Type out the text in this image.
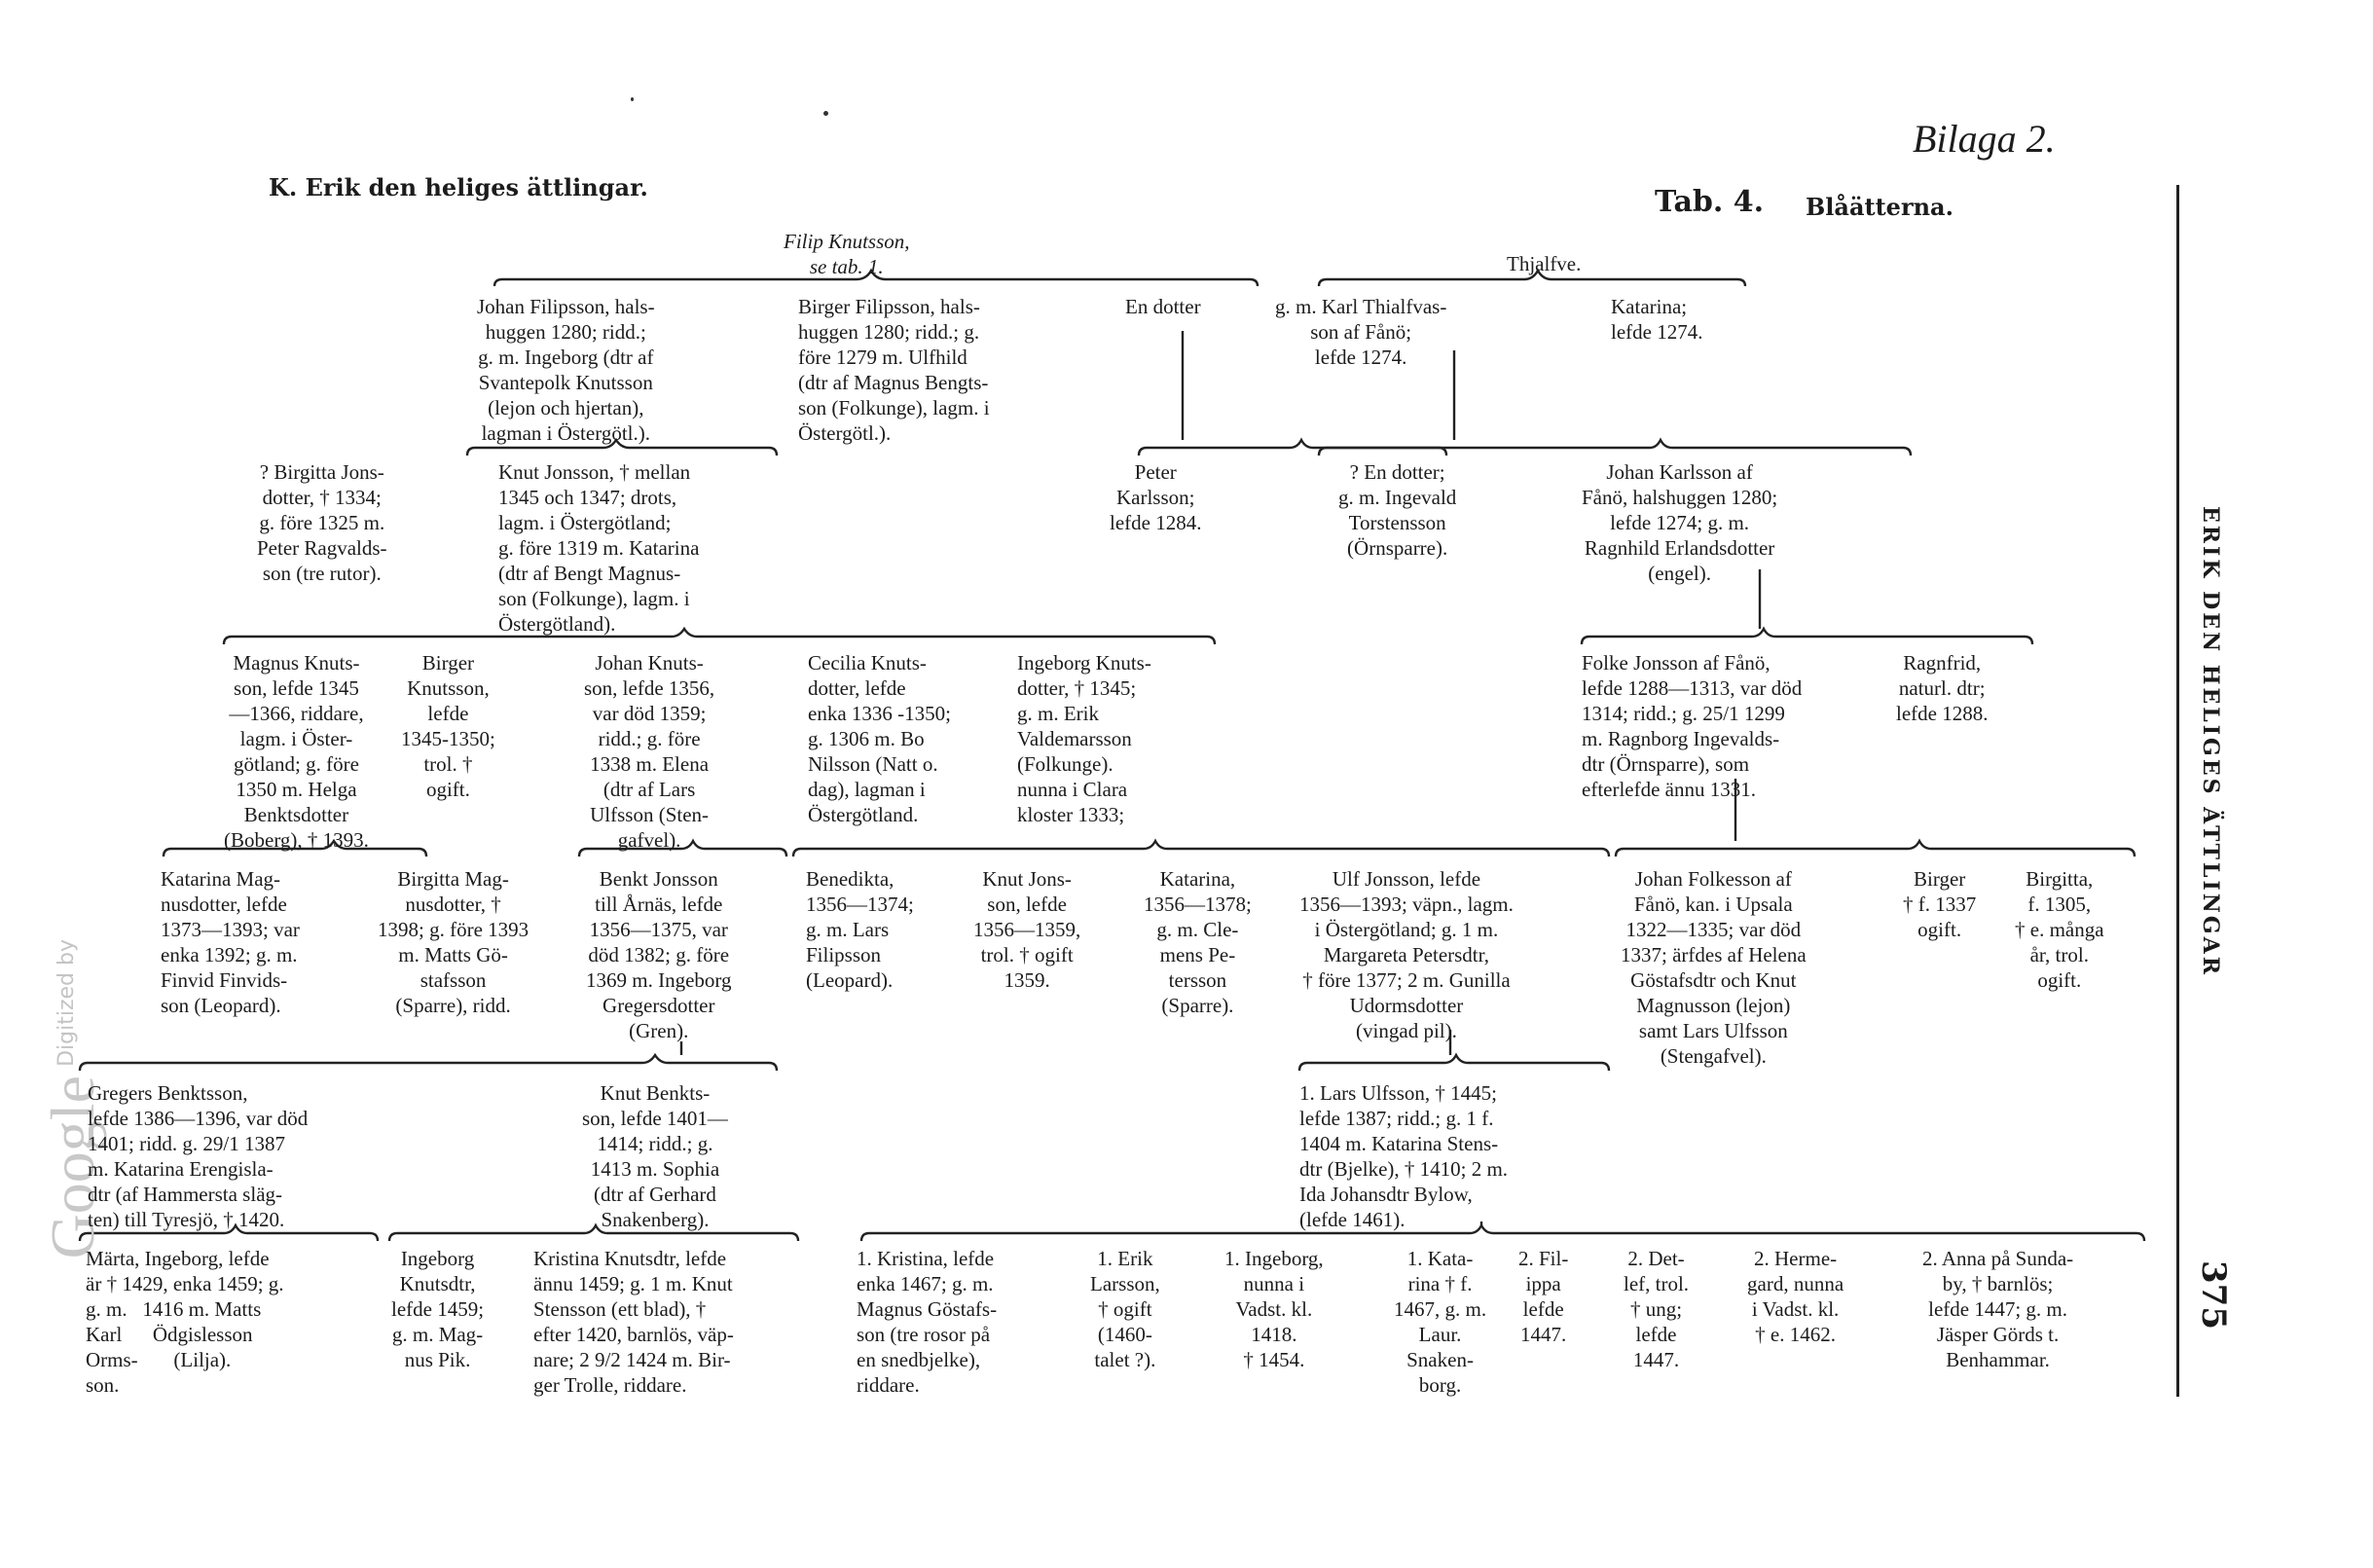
K. Erik den heliges ättlingar.
Bilaga 2.
Tab. 4. Blåätterna.
ERIK DEN HELIGES ÄTTLINGAR
375
Digitized by
Google
Filip Knutsson,
se tab. 1.	Thjalfve.
Johan Filipsson, hals-
huggen 1280; ridd.;
g. m. Ingeborg (dtr af
Svantepolk Knutsson
(lejon och hjertan),
lagman i Östergötl.).
Birger Filipsson, hals-
huggen 1280; ridd.; g.
före 1279 m. Ulfhild
(dtr af Magnus Bengts-
son (Folkunge), lagm. i
Östergötl.).
En dotter	g. m. Karl Thialfvas-
son af Fånö;
lefde 1274.
Katarina;
lefde 1274.
? Birgitta Jons-
dotter, † 1334;
g. före 1325 m.
Peter Ragvalds-
son (tre rutor).
Knut Jonsson, † mellan
1345 och 1347; drots,
lagm. i Östergötland;
g. före 1319 m. Katarina
(dtr af Bengt Magnus-
son (Folkunge), lagm. i
Östergötland).
Peter
Karlsson;
lefde 1284.
? En dotter;
g. m. Ingevald
Torstensson
(Örnsparre).
Johan Karlsson af
Fånö, halshuggen 1280;
lefde 1274; g. m.
Ragnhild Erlandsdotter
(engel).
Magnus Knuts-
son, lefde 1345
—1366, riddare,
lagm. i Öster-
götland; g. före
1350 m. Helga
Benktsdotter
(Boberg), † 1393.
Birger
Knutsson,
lefde
1345-1350;
trol. †
ogift.
Johan Knuts-
son, lefde 1356,
var död 1359;
ridd.; g. före
1338 m. Elena
(dtr af Lars
Ulfsson (Sten-
gafvel).
Cecilia Knuts-
dotter, lefde
enka 1336 -1350;
g. 1306 m. Bo
Nilsson (Natt o.
dag), lagman i
Östergötland.
Ingeborg Knuts-
dotter, † 1345;
g. m. Erik
Valdemarsson
(Folkunge).
nunna i Clara
kloster 1333;
Folke Jonsson af Fånö,
lefde 1288—1313, var död
1314; ridd.; g. 25/1 1299
m. Ragnborg Ingevalds-
dtr (Örnsparre), som
efterlefde ännu 1331.
Ragnfrid,
naturl. dtr;
lefde 1288.
Katarina Mag-
nusdotter, lefde
1373—1393; var
enka 1392; g. m.
Finvid Finvids-
son (Leopard).
Birgitta Mag-
nusdotter, †
1398; g. före 1393
m. Matts Gö-
stafsson
(Sparre), ridd.
Benkt Jonsson
till Årnäs, lefde
1356—1375, var
död 1382; g. före
1369 m. Ingeborg
Gregersdotter
(Gren).
Benedikta,
1356—1374;
g. m. Lars
Filipsson
(Leopard).
Knut Jons-
son, lefde
1356—1359,
trol. † ogift
1359.
Katarina,
1356—1378;
g. m. Cle-
mens Pe-
tersson
(Sparre).
Ulf Jonsson, lefde
1356—1393; väpn., lagm.
i Östergötland; g. 1 m.
Margareta Petersdtr,
† före 1377; 2 m. Gunilla
Udormsdotter
(vingad pil).
Johan Folkesson af
Fånö, kan. i Upsala
1322—1335; var död
1337; ärfdes af Helena
Göstafsdtr och Knut
Magnusson (lejon)
samt Lars Ulfsson
(Stengafvel).
Birger
† f. 1337
ogift.
Birgitta,
f. 1305,
† e. många
år, trol.
ogift.
Gregers Benktsson,
lefde 1386—1396, var död
1401; ridd. g. 29/1 1387
m. Katarina Erengisla-
dtr (af Hammersta släg-
ten) till Tyresjö, † 1420.
Knut Benkts-
son, lefde 1401—
1414; ridd.; g.
1413 m. Sophia
(dtr af Gerhard
Snakenberg).
1. Lars Ulfsson, † 1445;
lefde 1387; ridd.; g. 1 f.
1404 m. Katarina Stens-
dtr (Bjelke), † 1410; 2 m.
Ida Johansdtr Bylow,
(lefde 1461).
Märta, Ingeborg, lefde
är † 1429, enka 1459; g.
g. m.   1416 m. Matts
Karl      Ödgislesson
Orms-       (Lilja).
son.
Ingeborg
Knutsdtr,
lefde 1459;
g. m. Mag-
nus Pik.
Kristina Knutsdtr, lefde
ännu 1459; g. 1 m. Knut
Stensson (ett blad), †
efter 1420, barnlös, väp-
nare; 2 9/2 1424 m. Bir-
ger Trolle, riddare.
1. Kristina, lefde
enka 1467; g. m.
Magnus Göstafs-
son (tre rosor på
en snedbjelke),
riddare.
1. Erik
Larsson,
† ogift
(1460-
talet ?).
1. Ingeborg,
nunna i
Vadst. kl.
1418.
† 1454.
1. Kata-
rina † f.
1467, g. m.
Laur.
Snaken-
borg.
2. Fil-
ippa
lefde
1447.
2. Det-
lef, trol.
† ung;
lefde
1447.
2. Herme-
gard, nunna
i Vadst. kl.
† e. 1462.
2. Anna på Sunda-
by, † barnlös;
lefde 1447; g. m.
Jäsper Görds t.
Benhammar.
